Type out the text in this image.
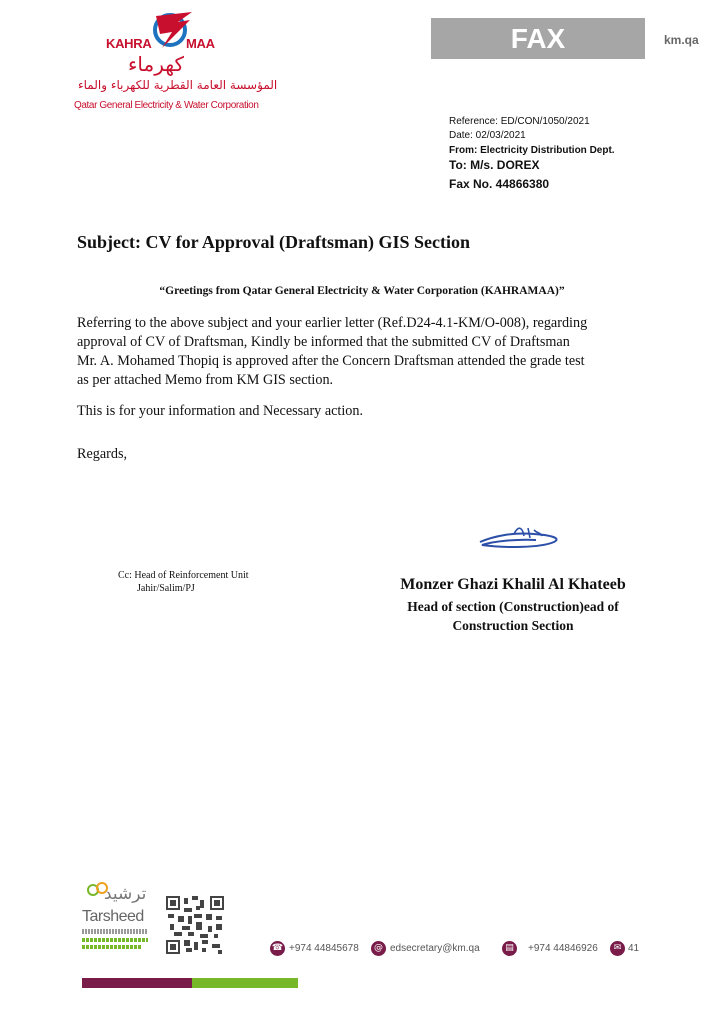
KAHRA	MAA
كهرماء
المؤسسة العامة القطرية للكهرباء والماء
Qatar General Electricity & Water Corporation
FAX	km.qa
Reference: ED/CON/1050/2021
Date: 02/03/2021
From: Electricity Distribution Dept.
To: M/s. DOREX
Fax No. 44866380
Subject: CV for Approval (Draftsman) GIS Section
“Greetings from Qatar General Electricity & Water Corporation (KAHRAMAA)”
Referring to the above subject and your earlier letter (Ref.D24-4.1-KM/O-008), regarding
approval of CV of Draftsman, Kindly be informed that the submitted CV of Draftsman
Mr. A. Mohamed Thopiq is approved after the Concern Draftsman attended the grade test
as per attached Memo from KM GIS section.
This is for your information and Necessary action.
Regards,
Cc: Head of Reinforcement Unit
Jahir/Salim/PJ	Monzer Ghazi Khalil Al Khateeb
Head of section (Construction)ead of
Construction Section
ترشيد
Tarsheed
☎ +974 44845678	@ edsecretary@km.qa	▤	+974 44846926	✉ 41
